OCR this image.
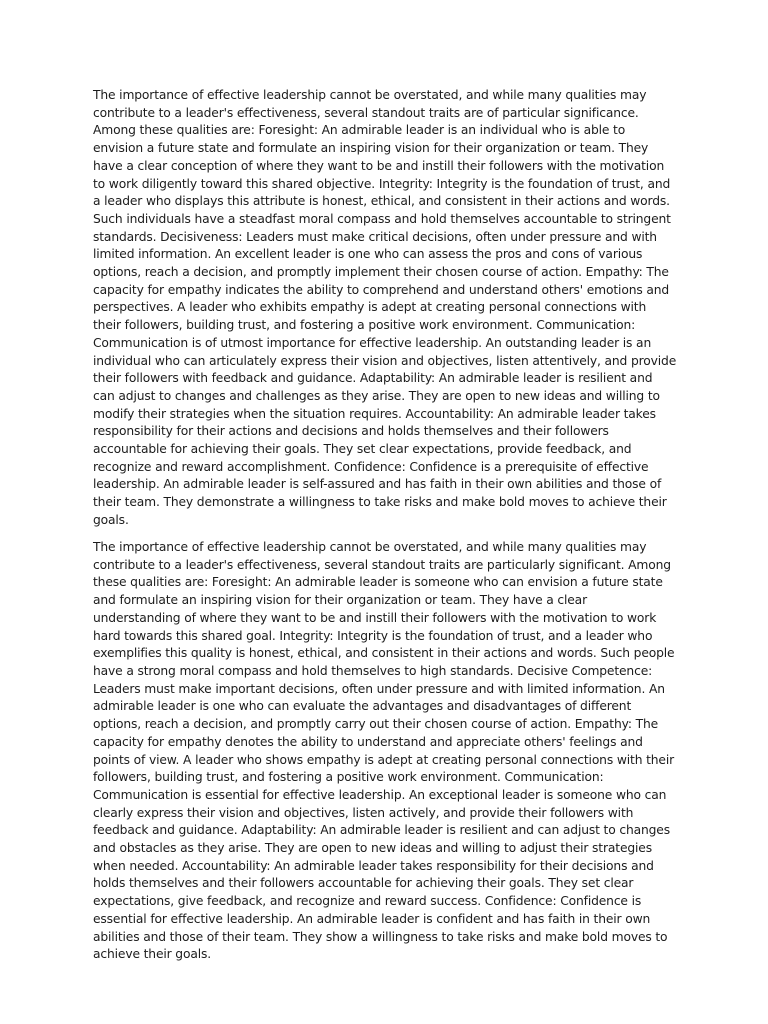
The importance of effective leadership cannot be overstated, and while many qualities may contribute to a leader's effectiveness, several standout traits are of particular significance. Among these qualities are: Foresight: An admirable leader is an individual who is able to envision a future state and formulate an inspiring vision for their organization or team. They have a clear conception of where they want to be and instill their followers with the motivation to work diligently toward this shared objective. Integrity: Integrity is the foundation of trust, and a leader who displays this attribute is honest, ethical, and consistent in their actions and words. Such individuals have a steadfast moral compass and hold themselves accountable to stringent standards. Decisiveness: Leaders must make critical decisions, often under pressure and with limited information. An excellent leader is one who can assess the pros and cons of various options, reach a decision, and promptly implement their chosen course of action. Empathy: The capacity for empathy indicates the ability to comprehend and understand others' emotions and perspectives. A leader who exhibits empathy is adept at creating personal connections with their followers, building trust, and fostering a positive work environment. Communication: Communication is of utmost importance for effective leadership. An outstanding leader is an individual who can articulately express their vision and objectives, listen attentively, and provide their followers with feedback and guidance. Adaptability: An admirable leader is resilient and can adjust to changes and challenges as they arise. They are open to new ideas and willing to modify their strategies when the situation requires. Accountability: An admirable leader takes responsibility for their actions and decisions and holds themselves and their followers accountable for achieving their goals. They set clear expectations, provide feedback, and recognize and reward accomplishment. Confidence: Confidence is a prerequisite of effective leadership. An admirable leader is self-assured and has faith in their own abilities and those of their team. They demonstrate a willingness to take risks and make bold moves to achieve their goals.

The importance of effective leadership cannot be overstated, and while many qualities may contribute to a leader's effectiveness, several standout traits are particularly significant. Among these qualities are: Foresight: An admirable leader is someone who can envision a future state and formulate an inspiring vision for their organization or team. They have a clear understanding of where they want to be and instill their followers with the motivation to work hard towards this shared goal. Integrity: Integrity is the foundation of trust, and a leader who exemplifies this quality is honest, ethical, and consistent in their actions and words. Such people have a strong moral compass and hold themselves to high standards. Decisive Competence: Leaders must make important decisions, often under pressure and with limited information. An admirable leader is one who can evaluate the advantages and disadvantages of different options, reach a decision, and promptly carry out their chosen course of action. Empathy: The capacity for empathy denotes the ability to understand and appreciate others' feelings and points of view. A leader who shows empathy is adept at creating personal connections with their followers, building trust, and fostering a positive work environment. Communication: Communication is essential for effective leadership. An exceptional leader is someone who can clearly express their vision and objectives, listen actively, and provide their followers with feedback and guidance. Adaptability: An admirable leader is resilient and can adjust to changes and obstacles as they arise. They are open to new ideas and willing to adjust their strategies when needed. Accountability: An admirable leader takes responsibility for their decisions and holds themselves and their followers accountable for achieving their goals. They set clear expectations, give feedback, and recognize and reward success. Confidence: Confidence is essential for effective leadership. An admirable leader is confident and has faith in their own abilities and those of their team. They show a willingness to take risks and make bold moves to achieve their goals.
